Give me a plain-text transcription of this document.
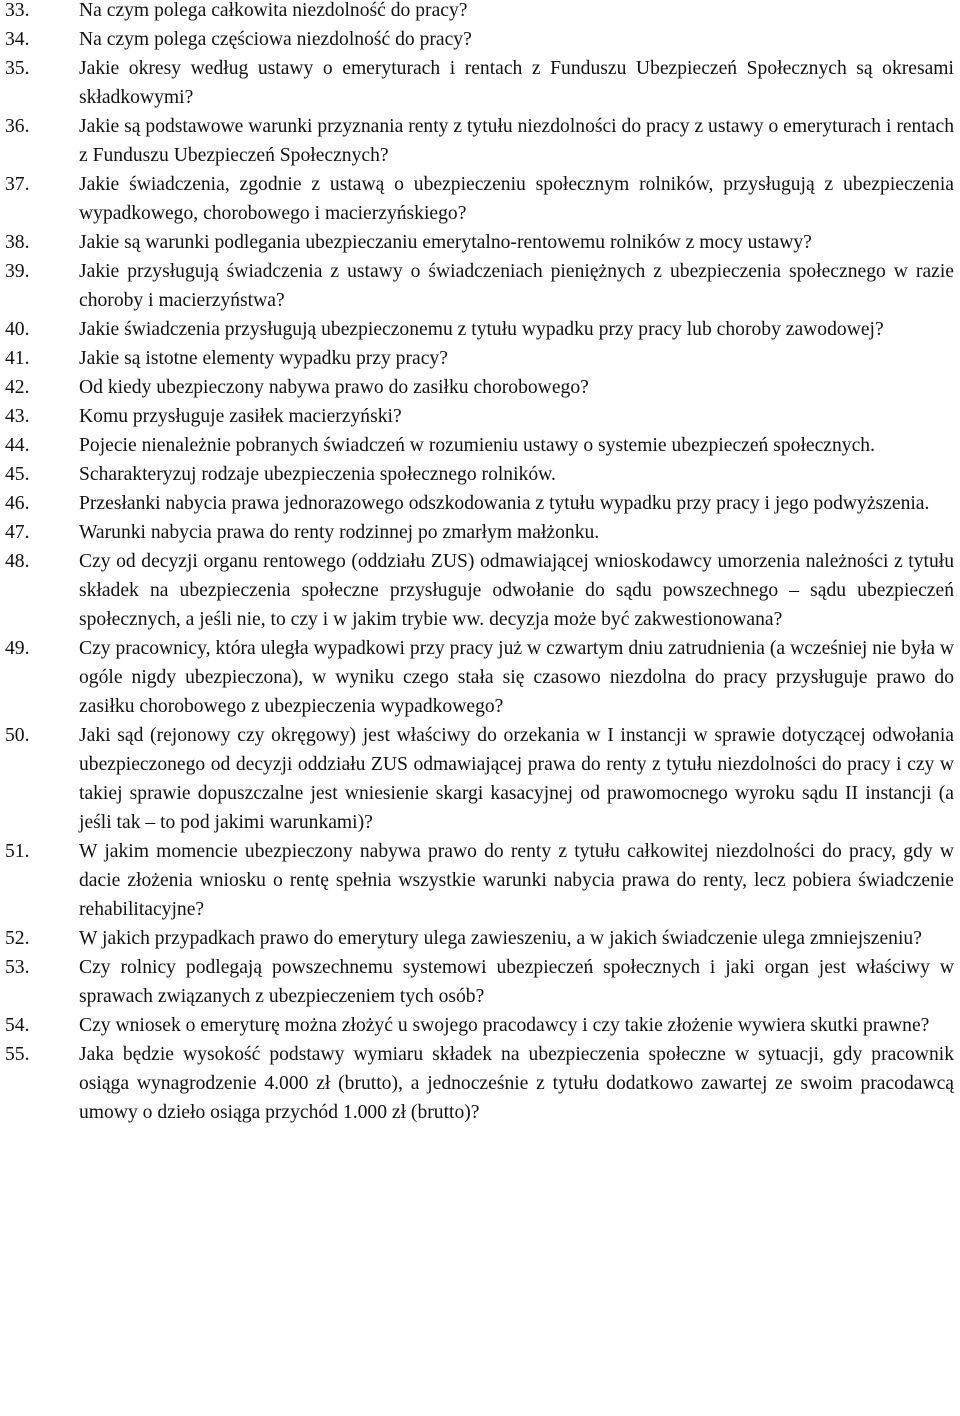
33.	Na czym polega całkowita niezdolność do pracy?

34.	Na czym polega częściowa niezdolność do pracy?

35.	Jakie okresy według ustawy o emeryturach i rentach z Funduszu Ubezpieczeń Społecznych są okresami składkowymi?

36.	Jakie są podstawowe warunki przyznania renty z tytułu niezdolności do pracy z ustawy o emeryturach i rentach z Funduszu Ubezpieczeń Społecznych?

37.	Jakie świadczenia, zgodnie z ustawą o ubezpieczeniu społecznym rolników, przysługują z ubezpieczenia wypadkowego, chorobowego i macierzyńskiego?

38.	Jakie są warunki podlegania ubezpieczaniu emerytalno-rentowemu rolników z mocy ustawy?

39.	Jakie przysługują świadczenia z ustawy o świadczeniach pieniężnych z ubezpieczenia społecznego w razie choroby i macierzyństwa?

40.	Jakie świadczenia przysługują ubezpieczonemu z tytułu wypadku przy pracy lub choroby zawodowej?

41.	Jakie są istotne elementy wypadku przy pracy?

42.	Od kiedy ubezpieczony nabywa prawo do zasiłku chorobowego?

43.	Komu przysługuje zasiłek macierzyński?

44.	Pojecie nienależnie pobranych świadczeń w rozumieniu ustawy o systemie ubezpieczeń społecznych.

45.	Scharakteryzuj rodzaje ubezpieczenia społecznego rolników.

46.	Przesłanki nabycia prawa jednorazowego odszkodowania z tytułu wypadku przy pracy i jego podwyższenia.

47.	Warunki nabycia prawa do renty rodzinnej po zmarłym małżonku.

48.	Czy od decyzji organu rentowego (oddziału ZUS) odmawiającej wnioskodawcy umorzenia należności z tytułu składek na ubezpieczenia społeczne przysługuje odwołanie do sądu powszechnego – sądu ubezpieczeń społecznych, a jeśli nie, to czy i w jakim trybie ww. decyzja może być zakwestionowana?

49.	Czy pracownicy, która uległa wypadkowi przy pracy już w czwartym dniu zatrudnienia (a wcześniej nie była w ogóle nigdy ubezpieczona), w wyniku czego stała się czasowo niezdolna do pracy przysługuje prawo do zasiłku chorobowego z ubezpieczenia wypadkowego?

50.	Jaki sąd (rejonowy czy okręgowy) jest właściwy do orzekania w I instancji w sprawie dotyczącej odwołania ubezpieczonego od decyzji oddziału ZUS odmawiającej prawa do renty z tytułu niezdolności do pracy i czy w takiej sprawie dopuszczalne jest wniesienie skargi kasacyjnej od prawomocnego wyroku sądu II instancji (a jeśli tak – to pod jakimi warunkami)?

51.	W jakim momencie ubezpieczony nabywa prawo do renty z tytułu całkowitej niezdolności do pracy, gdy w dacie złożenia wniosku o rentę spełnia wszystkie warunki nabycia prawa do renty, lecz pobiera świadczenie rehabilitacyjne?

52.	W jakich przypadkach prawo do emerytury ulega zawieszeniu, a w jakich świadczenie ulega zmniejszeniu?

53.	Czy rolnicy podlegają powszechnemu systemowi ubezpieczeń społecznych i jaki organ jest właściwy w sprawach związanych z ubezpieczeniem tych osób?

54.	Czy wniosek o emeryturę można złożyć u swojego pracodawcy i czy takie złożenie wywiera skutki prawne?

55.	Jaka będzie wysokość podstawy wymiaru składek na ubezpieczenia społeczne w sytuacji, gdy pracownik osiąga wynagrodzenie 4.000 zł (brutto), a jednocześnie z tytułu dodatkowo zawartej ze swoim pracodawcą umowy o dzieło osiąga przychód 1.000 zł (brutto)?
